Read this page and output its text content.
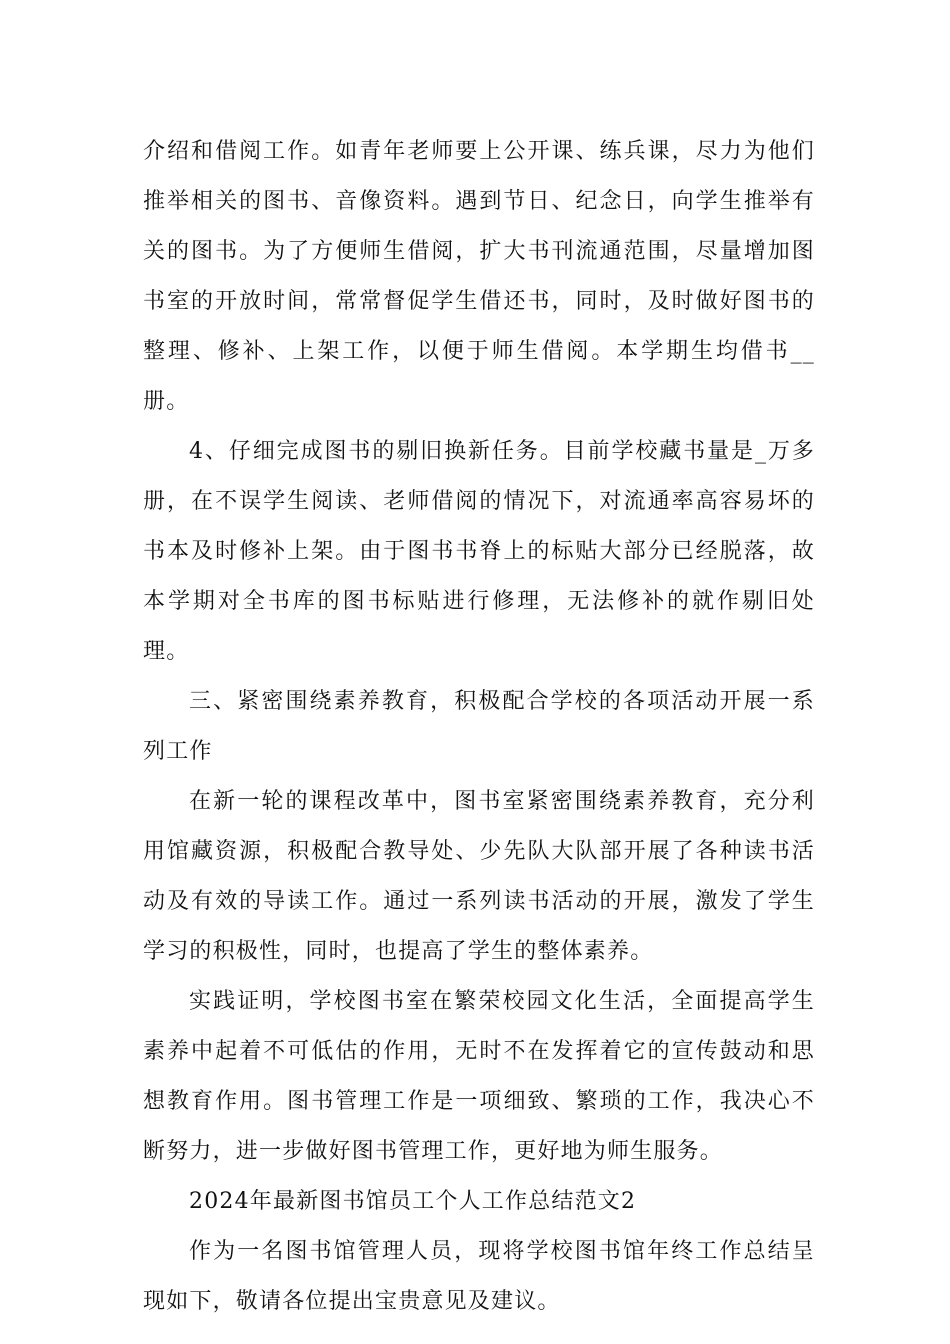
介绍和借阅工作。如青年老师要上公开课、练兵课，尽力为他们推举相关的图书、音像资料。遇到节日、纪念日，向学生推举有关的图书。为了方便师生借阅，扩大书刊流通范围，尽量增加图书室的开放时间，常常督促学生借还书，同时，及时做好图书的整理、修补、上架工作，以便于师生借阅。本学期生均借书__册。

4、仔细完成图书的剔旧换新任务。目前学校藏书量是_万多册，在不误学生阅读、老师借阅的情况下，对流通率高容易坏的书本及时修补上架。由于图书书脊上的标贴大部分已经脱落，故本学期对全书库的图书标贴进行修理，无法修补的就作剔旧处理。

三、紧密围绕素养教育，积极配合学校的各项活动开展一系列工作

在新一轮的课程改革中，图书室紧密围绕素养教育，充分利用馆藏资源，积极配合教导处、少先队大队部开展了各种读书活动及有效的导读工作。通过一系列读书活动的开展，激发了学生学习的积极性，同时，也提高了学生的整体素养。

实践证明，学校图书室在繁荣校园文化生活，全面提高学生素养中起着不可低估的作用，无时不在发挥着它的宣传鼓动和思想教育作用。图书管理工作是一项细致、繁琐的工作，我决心不断努力，进一步做好图书管理工作，更好地为师生服务。

2024年最新图书馆员工个人工作总结范文2

作为一名图书馆管理人员，现将学校图书馆年终工作总结呈现如下，敬请各位提出宝贵意见及建议。
